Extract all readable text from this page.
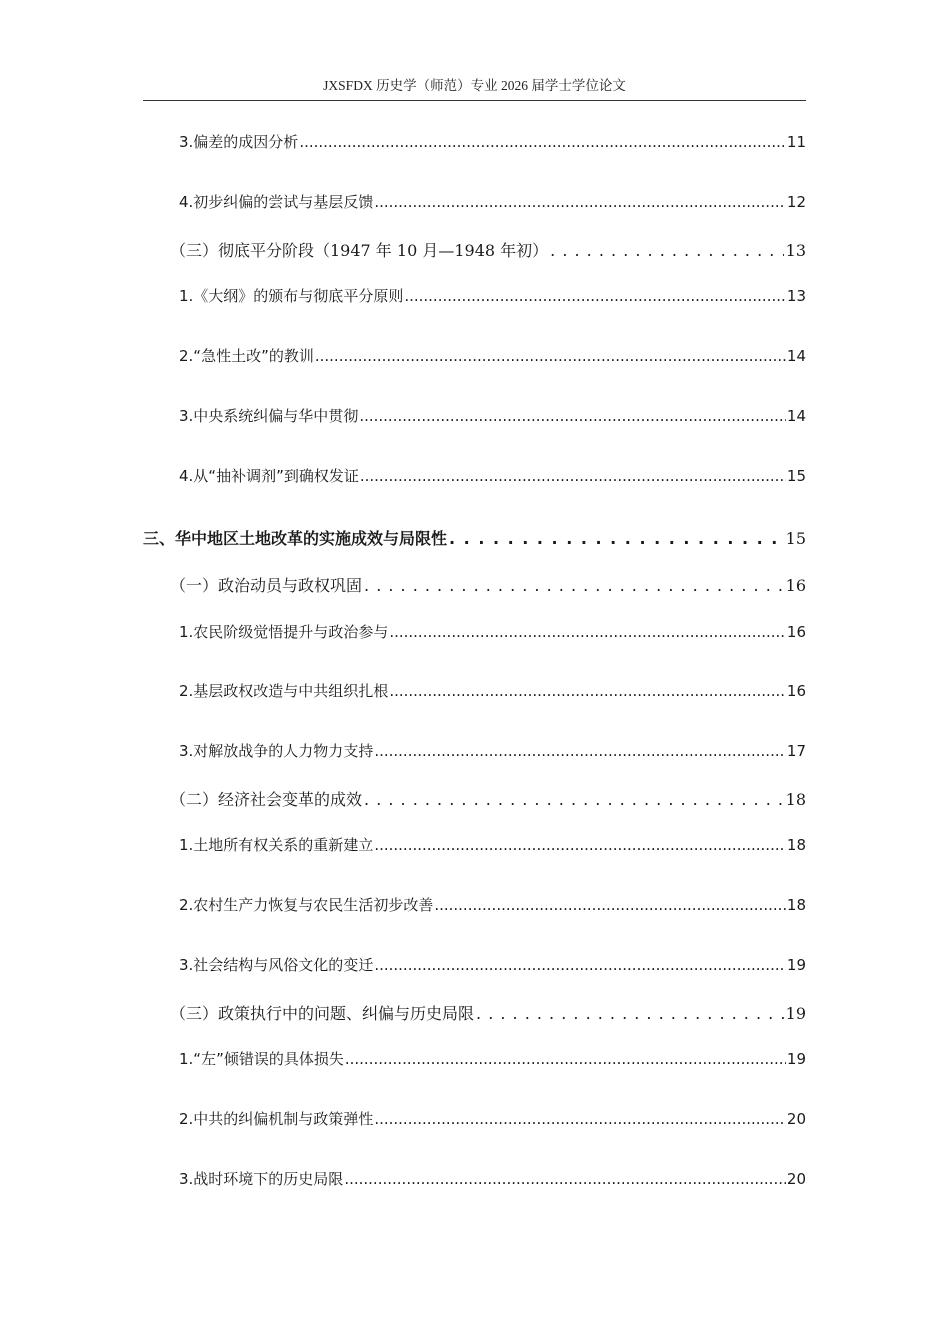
JXSFDX 历史学（师范）专业 2026 届学士学位论文
3.偏差的成因分析 .....	11
4.初步纠偏的尝试与基层反馈 .....	12
（三）彻底平分阶段（1947 年 10 月—1948 年初） . . .	13
1.《大纲》的颁布与彻底平分原则 .....	13
2.“急性土改”的教训 .....	14
3.中央系统纠偏与华中贯彻 .....	14
4.从“抽补调剂”到确权发证 .....	15
三、华中地区土地改革的实施成效与局限性 . . .	15
（一）政治动员与政权巩固 . . .	16
1.农民阶级觉悟提升与政治参与 .....	16
2.基层政权改造与中共组织扎根 .....	16
3.对解放战争的人力物力支持 .....	17
（二）经济社会变革的成效 . . .	18
1.土地所有权关系的重新建立 .....	18
2.农村生产力恢复与农民生活初步改善 .....	18
3.社会结构与风俗文化的变迁 .....	19
（三）政策执行中的问题、纠偏与历史局限 . . .	19
1.“左”倾错误的具体损失 .....	19
2.中共的纠偏机制与政策弹性 .....	20
3.战时环境下的历史局限 .....	20
